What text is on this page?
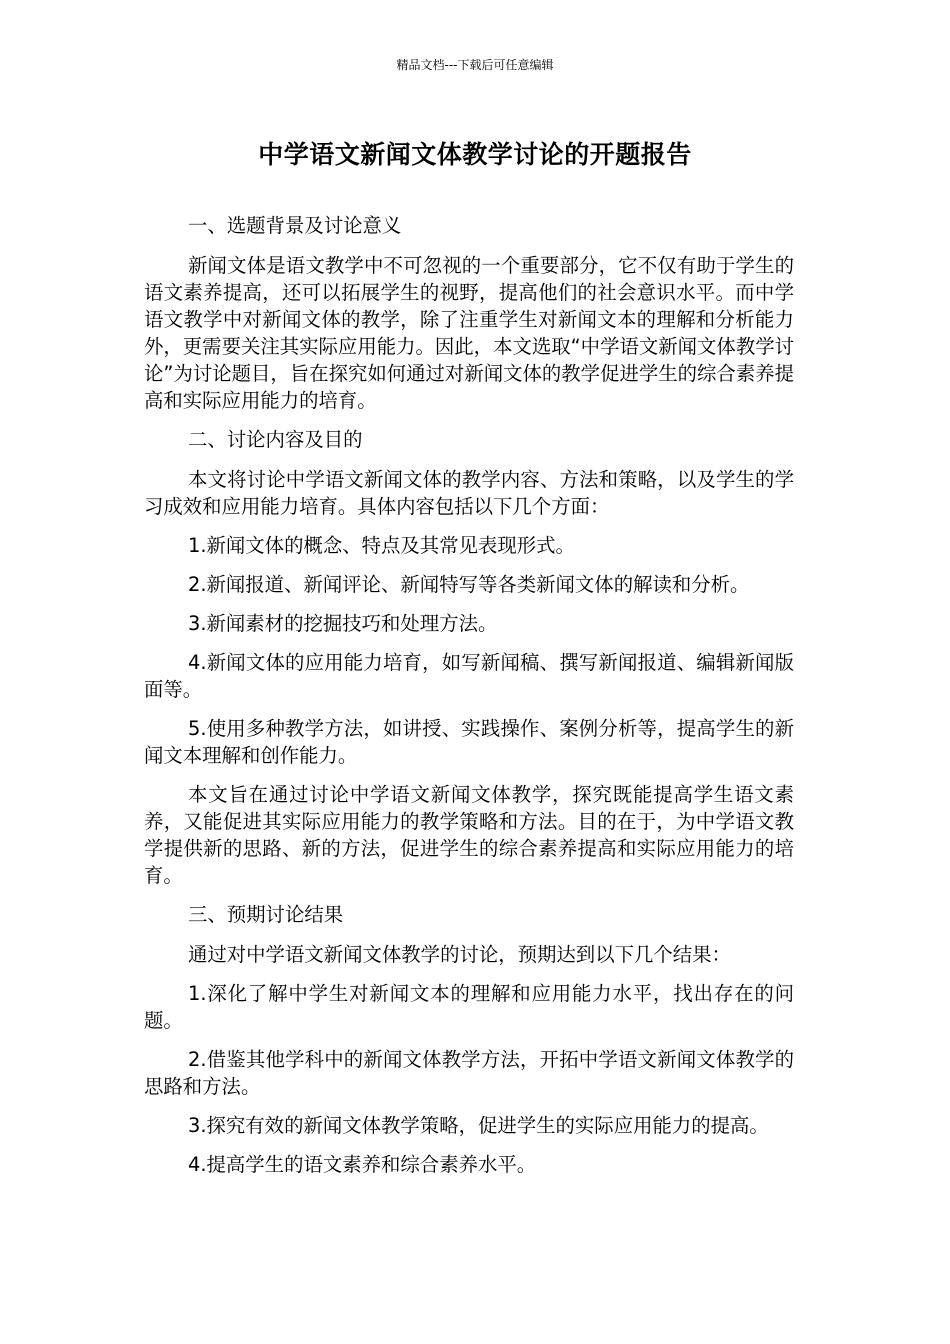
精品文档---下载后可任意编辑
中学语文新闻文体教学讨论的开题报告

一、选题背景及讨论意义

新闻文体是语文教学中不可忽视的一个重要部分，它不仅有助于学生的语文素养提高，还可以拓展学生的视野，提高他们的社会意识水平。而中学语文教学中对新闻文体的教学，除了注重学生对新闻文本的理解和分析能力外，更需要关注其实际应用能力。因此，本文选取“中学语文新闻文体教学讨论”为讨论题目，旨在探究如何通过对新闻文体的教学促进学生的综合素养提高和实际应用能力的培育。

二、讨论内容及目的

本文将讨论中学语文新闻文体的教学内容、方法和策略，以及学生的学习成效和应用能力培育。具体内容包括以下几个方面：

1.新闻文体的概念、特点及其常见表现形式。

2.新闻报道、新闻评论、新闻特写等各类新闻文体的解读和分析。

3.新闻素材的挖掘技巧和处理方法。

4.新闻文体的应用能力培育，如写新闻稿、撰写新闻报道、编辑新闻版面等。

5.使用多种教学方法，如讲授、实践操作、案例分析等，提高学生的新闻文本理解和创作能力。

本文旨在通过讨论中学语文新闻文体教学，探究既能提高学生语文素养，又能促进其实际应用能力的教学策略和方法。目的在于，为中学语文教学提供新的思路、新的方法，促进学生的综合素养提高和实际应用能力的培育。

三、预期讨论结果

通过对中学语文新闻文体教学的讨论，预期达到以下几个结果：

1.深化了解中学生对新闻文本的理解和应用能力水平，找出存在的问题。

2.借鉴其他学科中的新闻文体教学方法，开拓中学语文新闻文体教学的思路和方法。

3.探究有效的新闻文体教学策略，促进学生的实际应用能力的提高。

4.提高学生的语文素养和综合素养水平。
